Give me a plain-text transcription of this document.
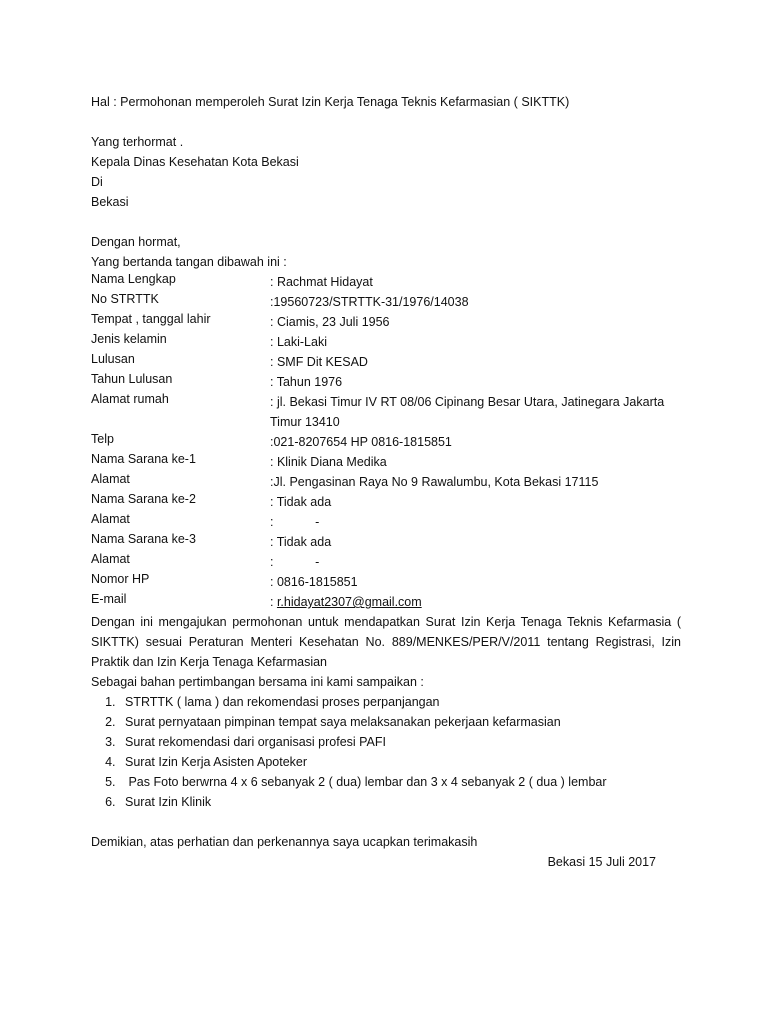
Hal : Permohonan memperoleh Surat Izin Kerja Tenaga Teknis Kefarmasian ( SIKTTK)
Yang terhormat .
Kepala Dinas Kesehatan Kota Bekasi
Di
Bekasi
Dengan hormat,
Yang bertanda tangan dibawah ini :
Nama Lengkap	: Rachmat Hidayat
No STRTTK	:19560723/STRTTK-31/1976/14038
Tempat , tanggal lahir	: Ciamis, 23 Juli 1956
Jenis kelamin	: Laki-Laki
Lulusan	: SMF Dit KESAD
Tahun Lulusan	: Tahun 1976
Alamat rumah	: jl. Bekasi Timur IV RT 08/06 Cipinang Besar Utara, Jatinegara Jakarta Timur 13410
Telp	:021-8207654 HP 0816-1815851
Nama Sarana ke-1	: Klinik Diana Medika
Alamat	:Jl. Pengasinan Raya No 9 Rawalumbu, Kota Bekasi 17115
Nama Sarana ke-2	: Tidak ada
Alamat	:            -
Nama Sarana ke-3	: Tidak ada
Alamat	:            -
Nomor HP	: 0816-1815851
E-mail	: r.hidayat2307@gmail.com
Dengan ini mengajukan permohonan untuk mendapatkan Surat Izin Kerja Tenaga Teknis Kefarmasia ( SIKTTK) sesuai Peraturan Menteri Kesehatan No. 889/MENKES/PER/V/2011 tentang Registrasi, Izin Praktik dan Izin Kerja Tenaga Kefarmasian
Sebagai bahan pertimbangan bersama ini kami sampaikan :
1. STRTTK ( lama ) dan rekomendasi proses perpanjangan
2. Surat pernyataan pimpinan tempat saya melaksanakan pekerjaan kefarmasian
3. Surat rekomendasi dari organisasi profesi PAFI
4. Surat Izin Kerja Asisten Apoteker
5.  Pas Foto berwrna 4 x 6 sebanyak 2 ( dua) lembar dan 3 x 4 sebanyak 2 ( dua ) lembar
6. Surat Izin Klinik
Demikian, atas perhatian dan perkenannya saya ucapkan terimakasih
Bekasi 15 Juli 2017
